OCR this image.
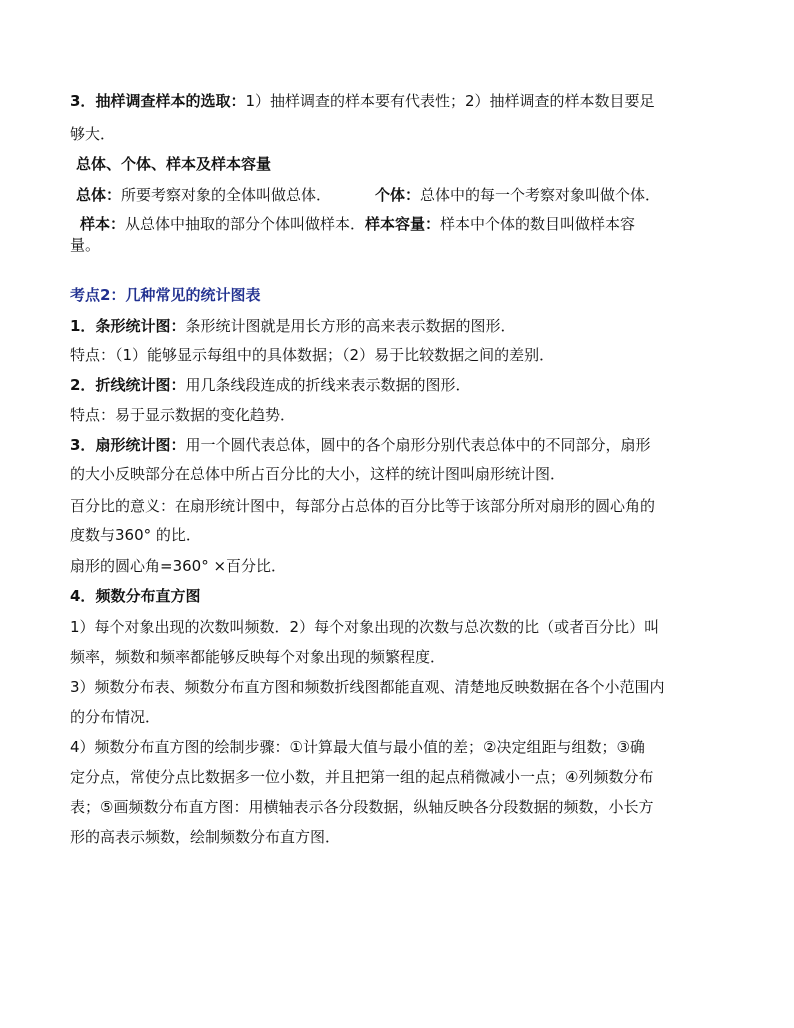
3．抽样调查样本的选取：1）抽样调查的样本要有代表性；2）抽样调查的样本数目要足
够大．
总体、个体、样本及样本容量
总体：所要考察对象的全体叫做总体．	个体：总体中的每一个考察对象叫做个体．
样本：从总体中抽取的部分个体叫做样本．样本容量：样本中个体的数目叫做样本容
量。
考点2：几种常见的统计图表
1．条形统计图：条形统计图就是用长方形的高来表示数据的图形．
特点：（1）能够显示每组中的具体数据；（2）易于比较数据之间的差别．
2．折线统计图：用几条线段连成的折线来表示数据的图形．
特点：易于显示数据的变化趋势．
3．扇形统计图：用一个圆代表总体，圆中的各个扇形分别代表总体中的不同部分，扇形
的大小反映部分在总体中所占百分比的大小，这样的统计图叫扇形统计图．
百分比的意义：在扇形统计图中，每部分占总体的百分比等于该部分所对扇形的圆心角的
度数与360° 的比．
扇形的圆心角=360° ×百分比．
4．频数分布直方图
1）每个对象出现的次数叫频数．2）每个对象出现的次数与总次数的比（或者百分比）叫
频率，频数和频率都能够反映每个对象出现的频繁程度．
3）频数分布表、频数分布直方图和频数折线图都能直观、清楚地反映数据在各个小范围内
的分布情况．
4）频数分布直方图的绘制步骤：①计算最大值与最小值的差；②决定组距与组数；③确
定分点，常使分点比数据多一位小数，并且把第一组的起点稍微减小一点；④列频数分布
表；⑤画频数分布直方图：用横轴表示各分段数据，纵轴反映各分段数据的频数，小长方
形的高表示频数，绘制频数分布直方图．
